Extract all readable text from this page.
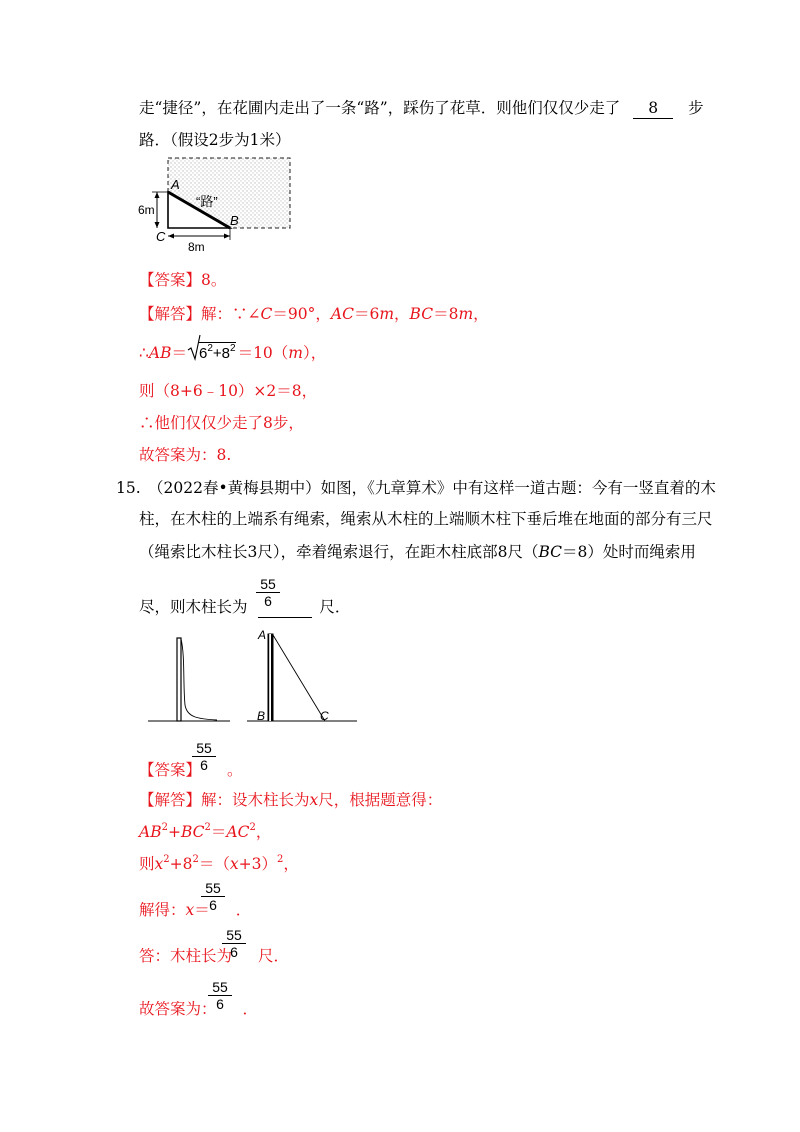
走“捷径”，在花圃内走出了一条“路”，踩伤了花草．则他们仅仅少走了 8 步
路．（假设2步为1米）
6m
8m
A
B
C
“路”
【答案】8。
【解答】解：∵∠C＝90°，AC＝6m，BC＝8m，
∴AB＝ $6^2+8^2 =10(m)$，
则（8+6﹣10）×2＝8，
∴他们仅仅少走了8步，
故答案为：8.
15. （2022春•黄梅县期中）如图，《九章算术》中有这样一道古题：今有一竖直着的木
柱，在木柱的上端系有绳索，绳索从木柱的上端顺木柱下垂后堆在地面的部分有三尺
（绳索比木柱长3尺），牵着绳索退行，在距木柱底部8尺（BC＝8）处时而绳索用
尽，则木柱长为	尺．
55
6
A
B	C
【答案】 。
55
6
【解答】解：设木柱长为x尺，根据题意得：
$AB^2+BC^2=AC^2$，
则$x^2+8^2=(x+3)^2$，
解得：x＝ ．
55
6
答：木柱长为 尺．
55
6
故答案为： ．
55
6
